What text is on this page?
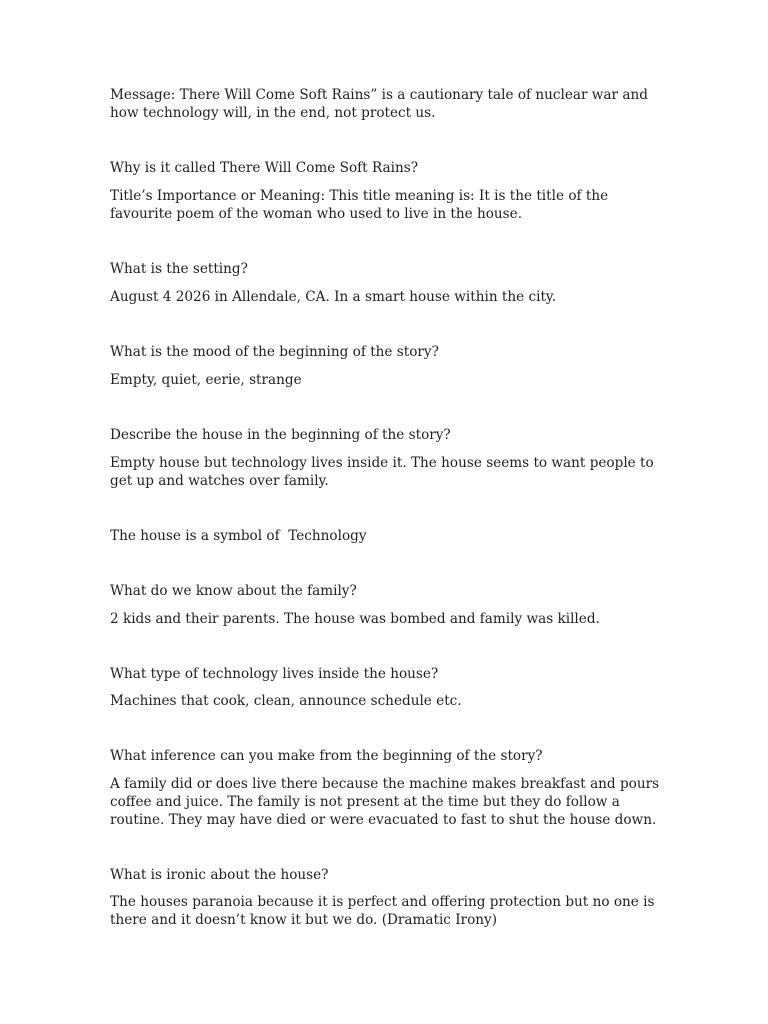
Message: There Will Come Soft Rains” is a cautionary tale of nuclear war and how technology will, in the end, not protect us.

Why is it called There Will Come Soft Rains?

Title’s Importance or Meaning: This title meaning is: It is the title of the favourite poem of the woman who used to live in the house.

What is the setting?

August 4 2026 in Allendale, CA. In a smart house within the city.

What is the mood of the beginning of the story?

Empty, quiet, eerie, strange

Describe the house in the beginning of the story?

Empty house but technology lives inside it. The house seems to want people to get up and watches over family.

The house is a symbol of  Technology

What do we know about the family?

2 kids and their parents. The house was bombed and family was killed.

What type of technology lives inside the house?

Machines that cook, clean, announce schedule etc.

What inference can you make from the beginning of the story?

A family did or does live there because the machine makes breakfast and pours coffee and juice. The family is not present at the time but they do follow a routine. They may have died or were evacuated to fast to shut the house down.

What is ironic about the house?

The houses paranoia because it is perfect and offering protection but no one is there and it doesn’t know it but we do. (Dramatic Irony)
